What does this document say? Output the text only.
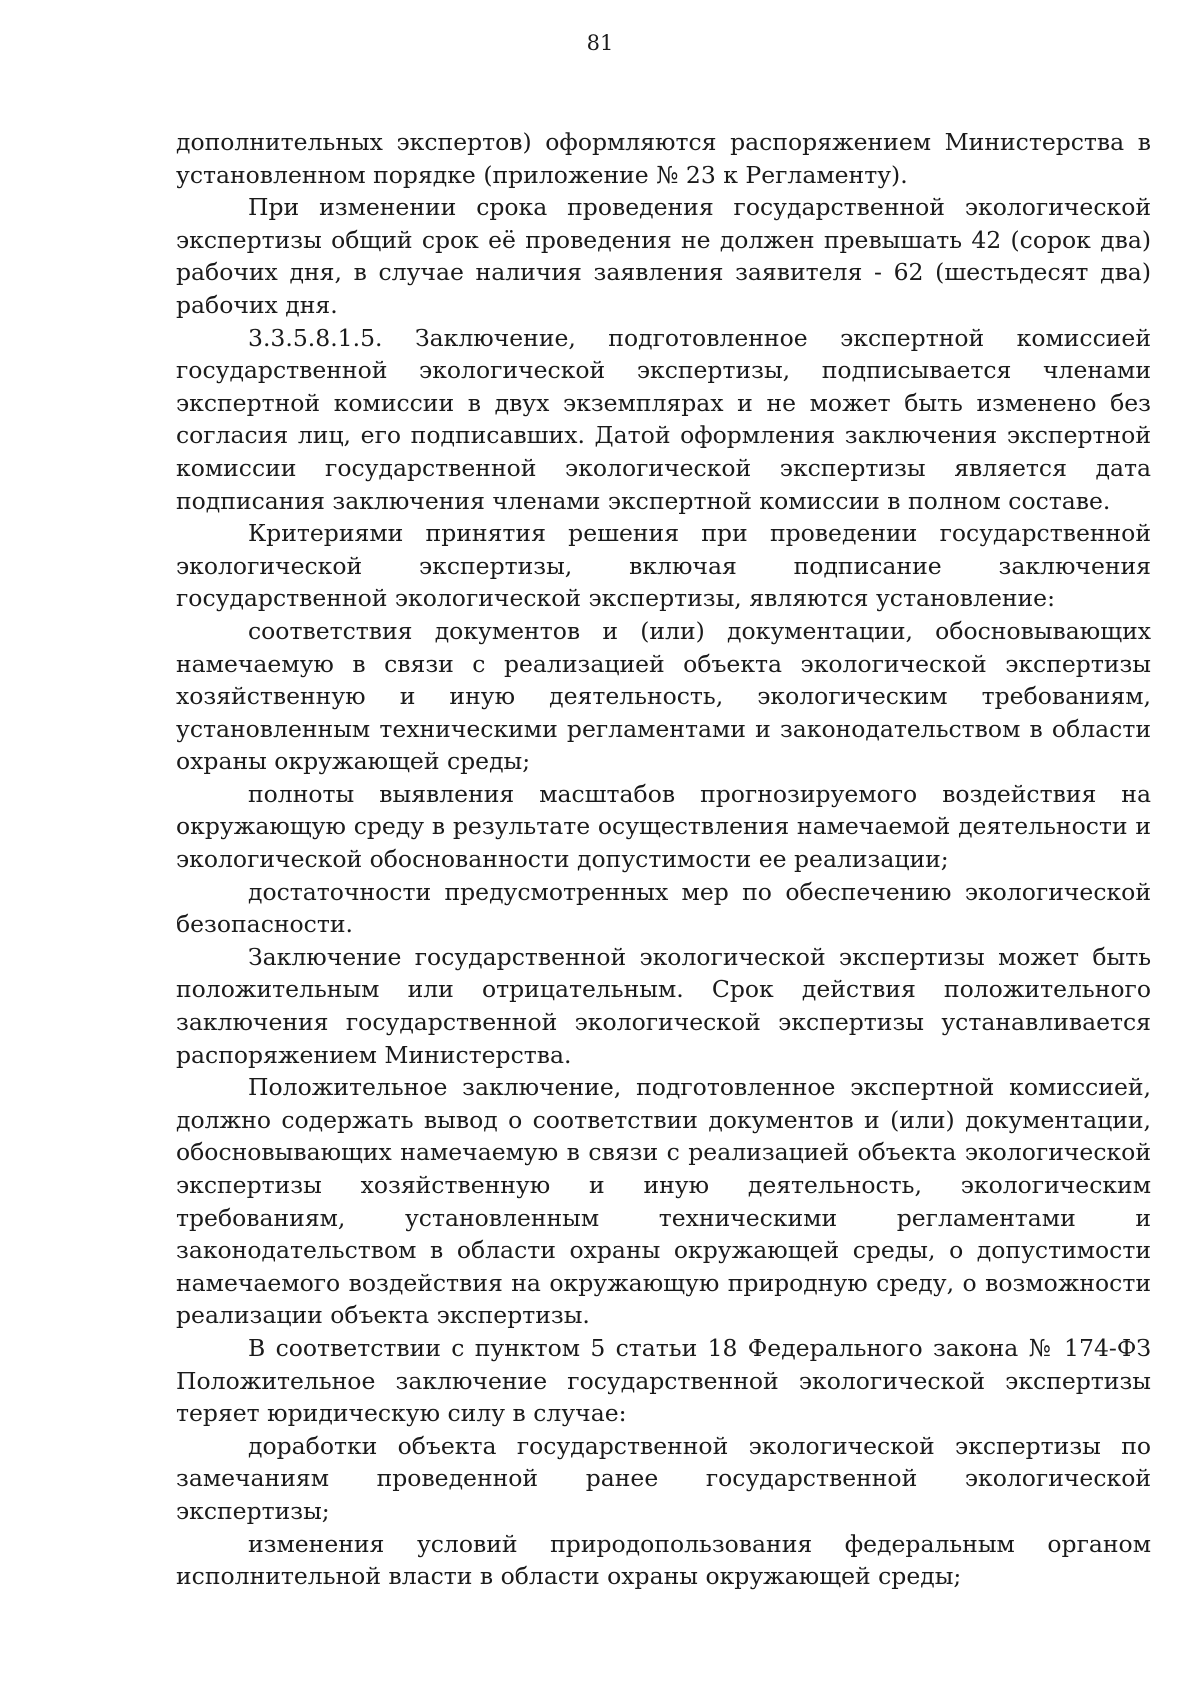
81

дополнительных экспертов) оформляются распоряжением Министерства в установленном порядке (приложение № 23 к Регламенту).

При изменении срока проведения государственной экологической экспертизы общий срок её проведения не должен превышать 42 (сорок два) рабочих дня, в случае наличия заявления заявителя - 62 (шестьдесят два) рабочих дня.

3.3.5.8.1.5. Заключение, подготовленное экспертной комиссией государственной экологической экспертизы, подписывается членами экспертной комиссии в двух экземплярах и не может быть изменено без согласия лиц, его подписавших. Датой оформления заключения экспертной комиссии государственной экологической экспертизы является дата подписания заключения членами экспертной комиссии в полном составе.

Критериями принятия решения при проведении государственной экологической экспертизы, включая подписание заключения государственной экологической экспертизы, являются установление:

соответствия документов и (или) документации, обосновывающих намечаемую в связи с реализацией объекта экологической экспертизы хозяйственную и иную деятельность, экологическим требованиям, установленным техническими регламентами и законодательством в области охраны окружающей среды;

полноты выявления масштабов прогнозируемого воздействия на окружающую среду в результате осуществления намечаемой деятельности и экологической обоснованности допустимости ее реализации;

достаточности предусмотренных мер по обеспечению экологической безопасности.

Заключение государственной экологической экспертизы может быть положительным или отрицательным. Срок действия положительного заключения государственной экологической экспертизы устанавливается распоряжением Министерства.

Положительное заключение, подготовленное экспертной комиссией, должно содержать вывод о соответствии документов и (или) документации, обосновывающих намечаемую в связи с реализацией объекта экологической экспертизы хозяйственную и иную деятельность, экологическим требованиям, установленным техническими регламентами и законодательством в области охраны окружающей среды, о допустимости намечаемого воздействия на окружающую природную среду, о возможности реализации объекта экспертизы.

В соответствии с пунктом 5 статьи 18 Федерального закона № 174-ФЗ Положительное заключение государственной экологической экспертизы теряет юридическую силу в случае:

доработки объекта государственной экологической экспертизы по замечаниям проведенной ранее государственной экологической экспертизы;

изменения условий природопользования федеральным органом исполнительной власти в области охраны окружающей среды;
